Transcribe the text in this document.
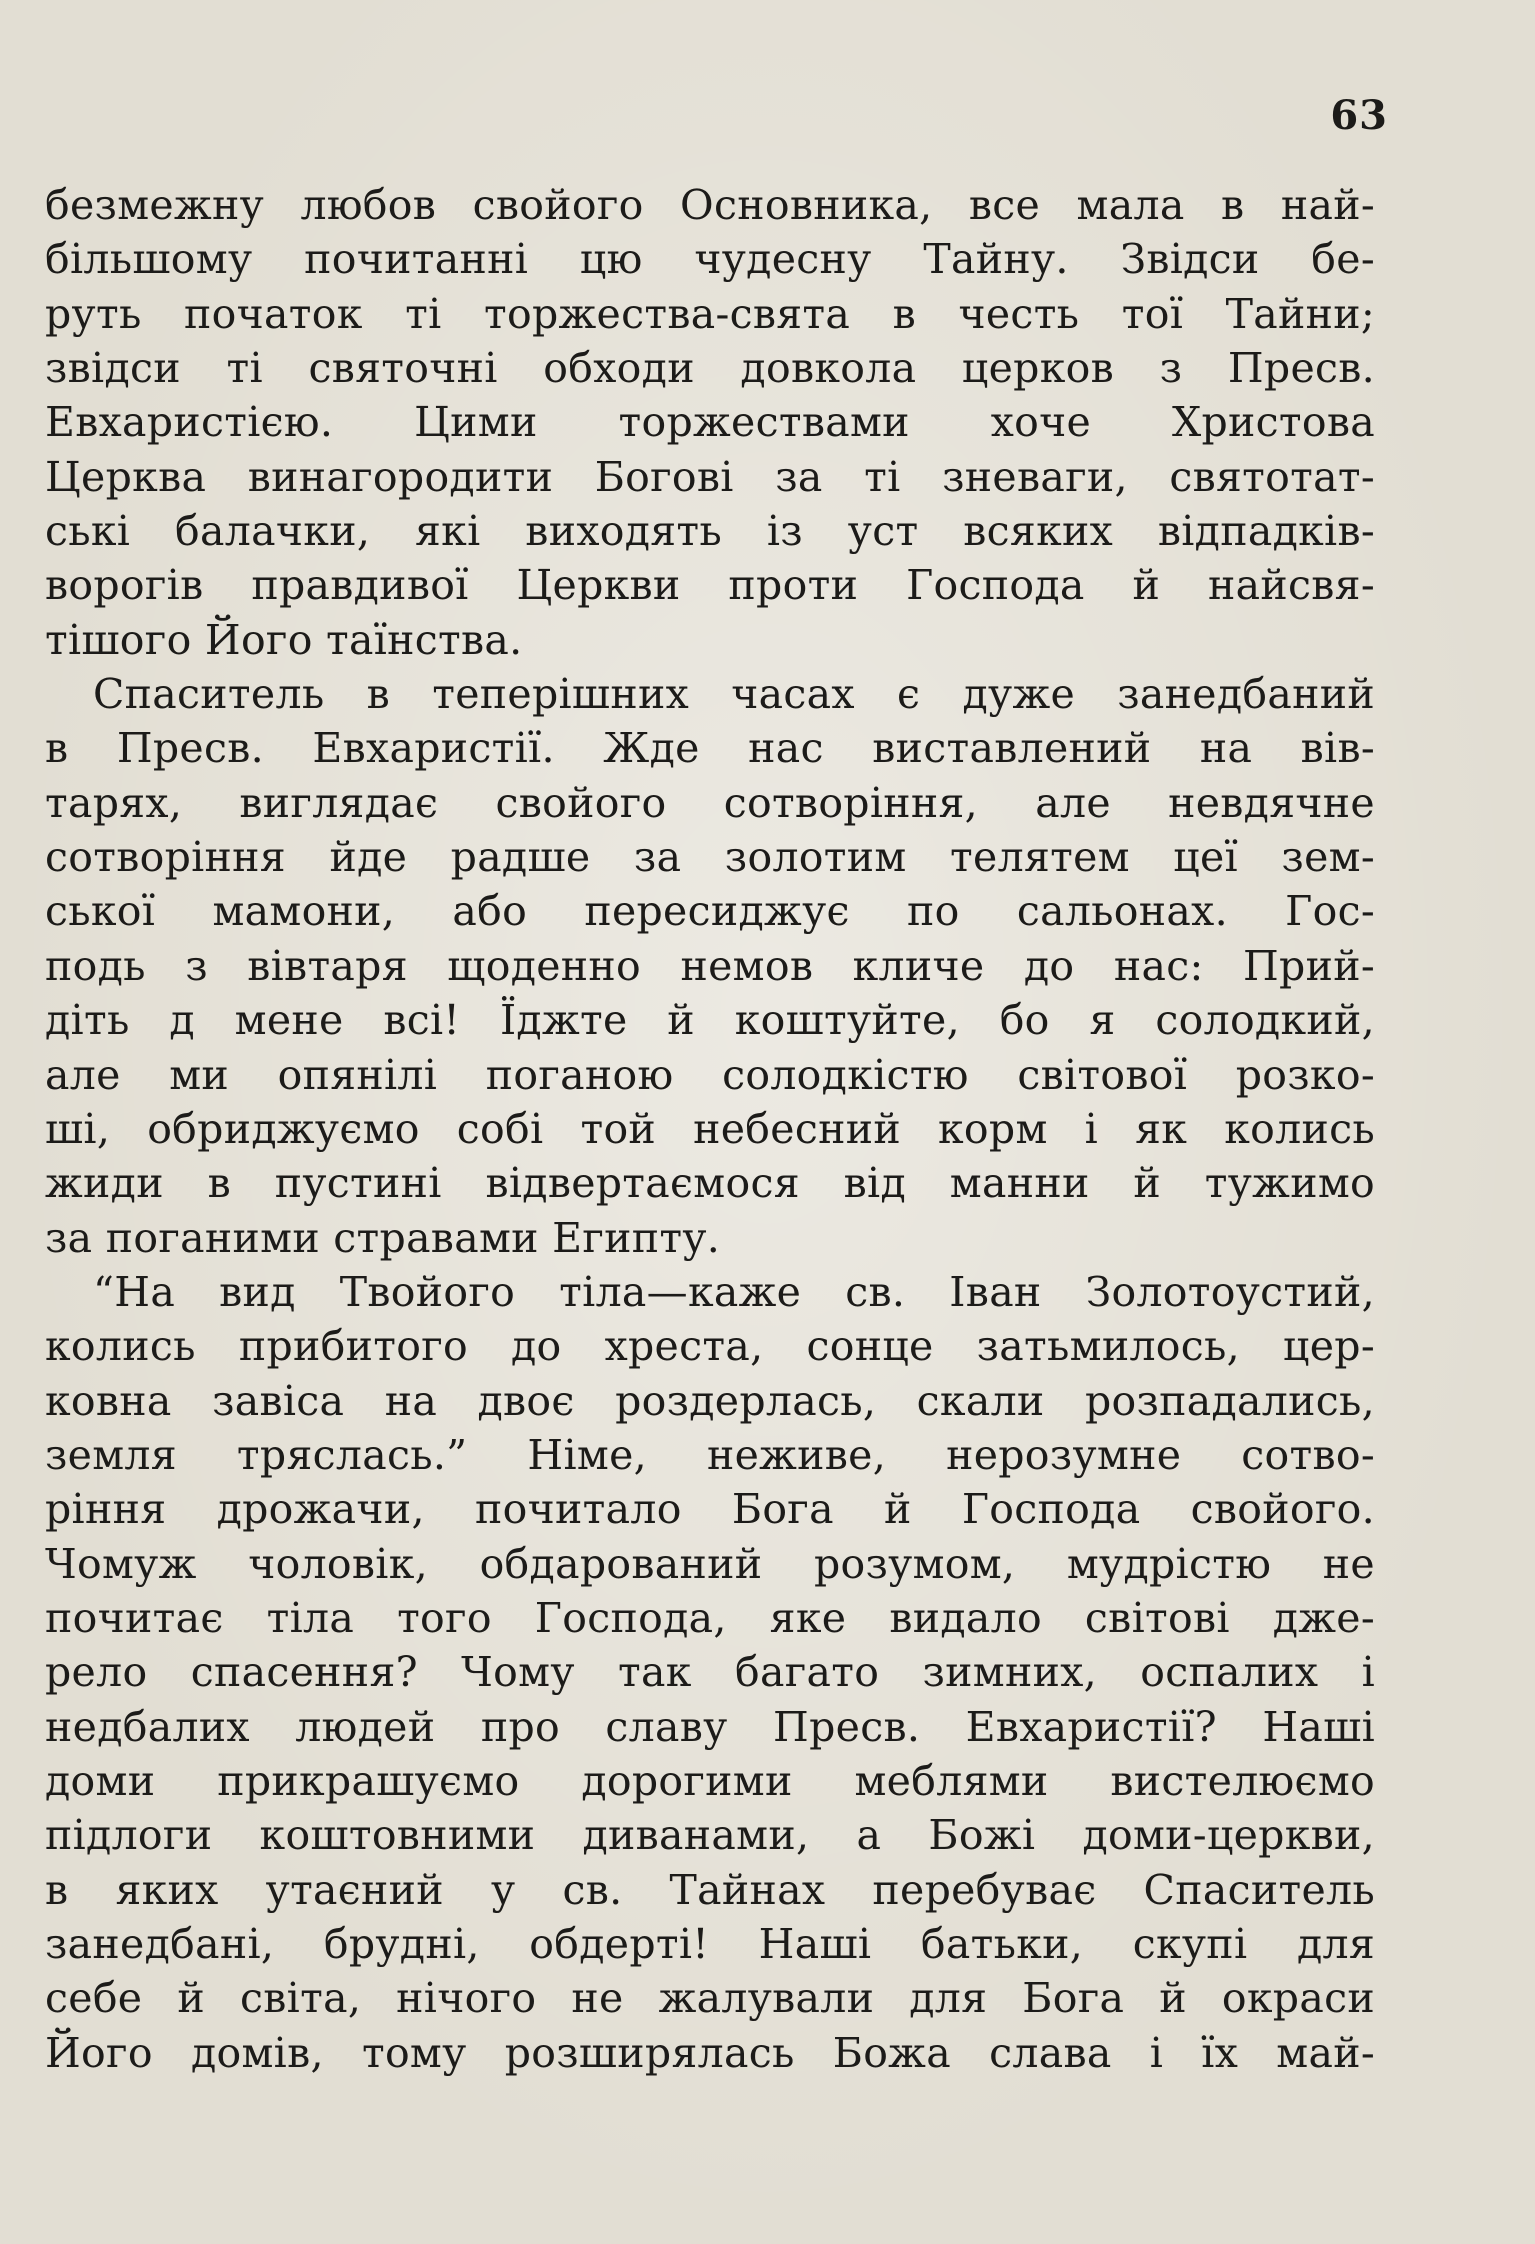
63
безмежну любов свойого Основника, все мала в най-
більшому почитанні цю чудесну Тайну. Звідси бе-
руть початок ті торжества-свята в честь тої Тайни;
звідси ті святочні обходи довкола церков з Пресв.
Евхаристією. Цими торжествами хоче Христова
Церква винагородити Богові за ті зневаги, святотат-
ські балачки, які виходять із уст всяких відпадків-
ворогів правдивої Церкви проти Господа й найсвя-
тішого Його таїнства.
Спаситель в теперішних часах є дуже занедбаний
в Пресв. Евхаристії. Жде нас виставлений на вів-
тарях, виглядає свойого сотворіння, але невдячне
сотворіння йде радше за золотим телятем цеї зем-
ської мамони, або пересиджує по сальонах. Гос-
подь з вівтаря щоденно немов кличе до нас: Прий-
діть д мене всі! Їджте й коштуйте, бо я солодкий,
але ми опянілі поганою солодкістю світової розко-
ші, обриджуємо собі той небесний корм і як колись
жиди в пустині відвертаємося від манни й тужимо
за поганими стравами Египту.
“На вид Твойого тіла—каже св. Іван Золотоустий,
колись прибитого до хреста, сонце затьмилось, цер-
ковна завіса на двоє роздерлась, скали розпадались,
земля тряслась.” Німе, неживе, нерозумне сотво-
ріння дрожачи, почитало Бога й Господа свойого.
Чомуж чоловік, обдарований розумом, мудрістю не
почитає тіла того Господа, яке видало світові дже-
рело спасення? Чому так багато зимних, оспалих і
недбалих людей про славу Пресв. Евхаристії? Наші
доми прикрашуємо дорогими меблями вистелюємо
підлоги коштовними диванами, а Божі доми-церкви,
в яких утаєний у св. Тайнах перебуває Спаситель
занедбані, брудні, обдерті! Наші батьки, скупі для
себе й світа, нічого не жалували для Бога й окраси
Його домів, тому розширялась Божа слава і їх май-
